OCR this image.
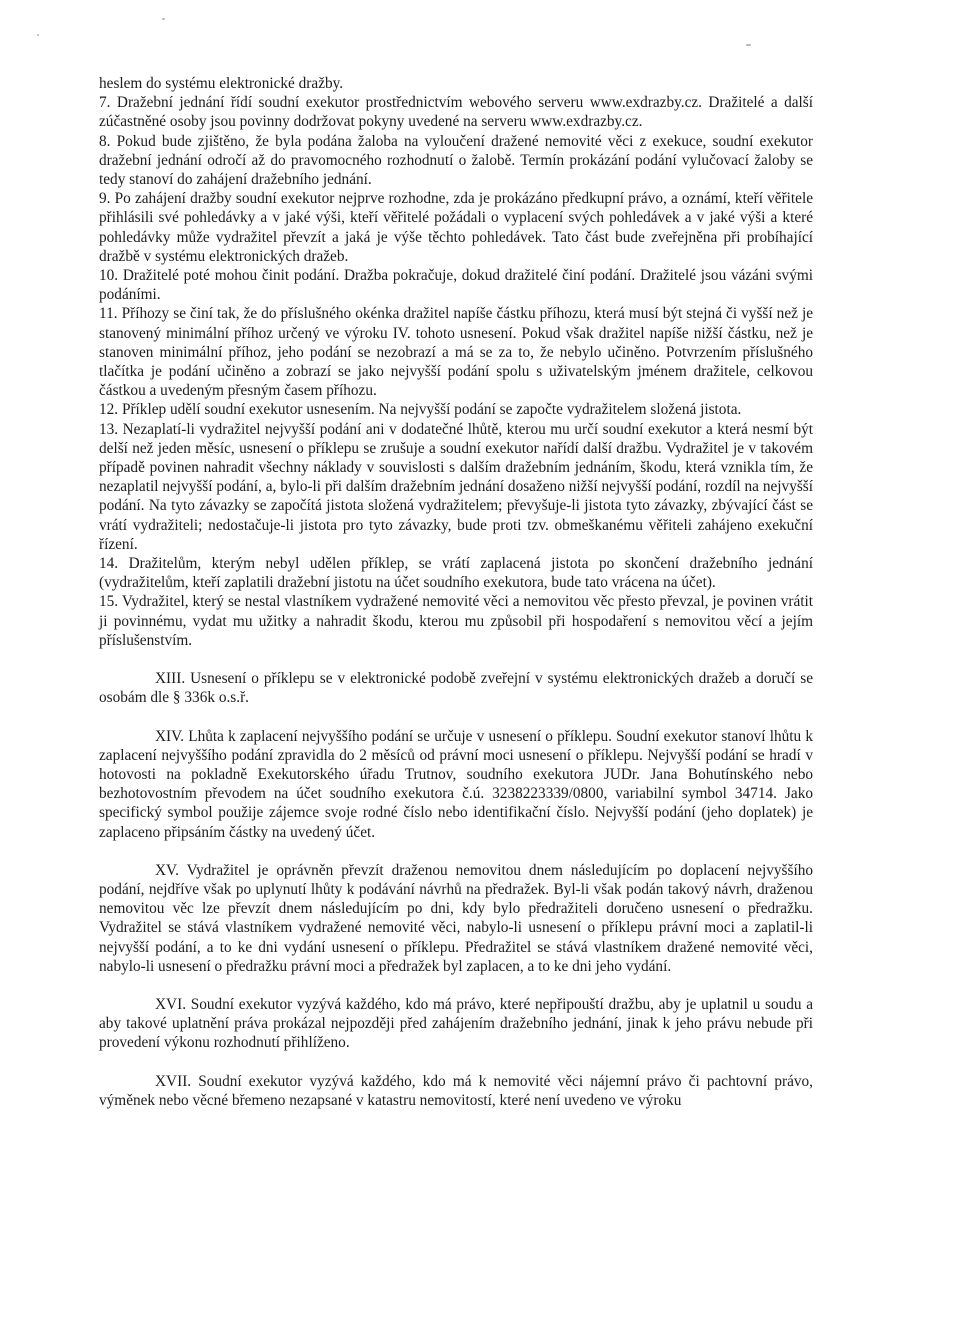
heslem do systému elektronické dražby.

7. Dražební jednání řídí soudní exekutor prostřednictvím webového serveru www.exdrazby.cz. Dražitelé a další zúčastněné osoby jsou povinny dodržovat pokyny uvedené na serveru www.exdrazby.cz.

8. Pokud bude zjištěno, že byla podána žaloba na vyloučení dražené nemovité věci z exekuce, soudní exekutor dražební jednání odročí až do pravomocného rozhodnutí o žalobě. Termín prokázání podání vylučovací žaloby se tedy stanoví do zahájení dražebního jednání.

9. Po zahájení dražby soudní exekutor nejprve rozhodne, zda je prokázáno předkupní právo, a oznámí, kteří věřitele přihlásili své pohledávky a v jaké výši, kteří věřitelé požádali o vyplacení svých pohledávek a v jaké výši a které pohledávky může vydražitel převzít a jaká je výše těchto pohledávek. Tato část bude zveřejněna při probíhající dražbě v systému elektronických dražeb.

10. Dražitelé poté mohou činit podání. Dražba pokračuje, dokud dražitelé činí podání. Dražitelé jsou vázáni svými podáními.

11. Příhozy se činí tak, že do příslušného okénka dražitel napíše částku příhozu, která musí být stejná či vyšší než je stanovený minimální příhoz určený ve výroku IV. tohoto usnesení. Pokud však dražitel napíše nižší částku, než je stanoven minimální příhoz, jeho podání se nezobrazí a má se za to, že nebylo učiněno. Potvrzením příslušného tlačítka je podání učiněno a zobrazí se jako nejvyšší podání spolu s uživatelským jménem dražitele, celkovou částkou a uvedeným přesným časem příhozu.

12. Příklep udělí soudní exekutor usnesením. Na nejvyšší podání se započte vydražitelem složená jistota.

13. Nezaplatí-li vydražitel nejvyšší podání ani v dodatečné lhůtě, kterou mu určí soudní exekutor a která nesmí být delší než jeden měsíc, usnesení o příklepu se zrušuje a soudní exekutor nařídí další dražbu. Vydražitel je v takovém případě povinen nahradit všechny náklady v souvislosti s dalším dražebním jednáním, škodu, která vznikla tím, že nezaplatil nejvyšší podání, a, bylo-li při dalším dražebním jednání dosaženo nižší nejvyšší podání, rozdíl na nejvyšší podání. Na tyto závazky se započítá jistota složená vydražitelem; převyšuje-li jistota tyto závazky, zbývající část se vrátí vydražiteli; nedostačuje-li jistota pro tyto závazky, bude proti tzv. obmeškanému věřiteli zahájeno exekuční řízení.

14. Dražitelům, kterým nebyl udělen příklep, se vrátí zaplacená jistota po skončení dražebního jednání (vydražitelům, kteří zaplatili dražební jistotu na účet soudního exekutora, bude tato vrácena na účet).

15. Vydražitel, který se nestal vlastníkem vydražené nemovité věci a nemovitou věc přesto převzal, je povinen vrátit ji povinnému, vydat mu užitky a nahradit škodu, kterou mu způsobil při hospodaření s nemovitou věcí a jejím příslušenstvím.

XIII. Usnesení o příklepu se v elektronické podobě zveřejní v systému elektronických dražeb a doručí se osobám dle § 336k o.s.ř.

XIV. Lhůta k zaplacení nejvyššího podání se určuje v usnesení o příklepu. Soudní exekutor stanoví lhůtu k zaplacení nejvyššího podání zpravidla do 2 měsíců od právní moci usnesení o příklepu. Nejvyšší podání se hradí v hotovosti na pokladně Exekutorského úřadu Trutnov, soudního exekutora JUDr. Jana Bohutínského nebo bezhotovostním převodem na účet soudního exekutora č.ú. 3238223339/0800, variabilní symbol 34714. Jako specifický symbol použije zájemce svoje rodné číslo nebo identifikační číslo. Nejvyšší podání (jeho doplatek) je zaplaceno připsáním částky na uvedený účet.

XV. Vydražitel je oprávněn převzít draženou nemovitou dnem následujícím po doplacení nejvyššího podání, nejdříve však po uplynutí lhůty k podávání návrhů na předražek. Byl-li však podán takový návrh, draženou nemovitou věc lze převzít dnem následujícím po dni, kdy bylo předražiteli doručeno usnesení o předražku. Vydražitel se stává vlastníkem vydražené nemovité věci, nabylo-li usnesení o příklepu právní moci a zaplatil-li nejvyšší podání, a to ke dni vydání usnesení o příklepu. Předražitel se stává vlastníkem dražené nemovité věci, nabylo-li usnesení o předražku právní moci a předražek byl zaplacen, a to ke dni jeho vydání.

XVI. Soudní exekutor vyzývá každého, kdo má právo, které nepřipouští dražbu, aby je uplatnil u soudu a aby takové uplatnění práva prokázal nejpozději před zahájením dražebního jednání, jinak k jeho právu nebude při provedení výkonu rozhodnutí přihlíženo.

XVII. Soudní exekutor vyzývá každého, kdo má k nemovité věci nájemní právo či pachtovní právo, výměnek nebo věcné břemeno nezapsané v katastru nemovitostí, které není uvedeno ve výroku
